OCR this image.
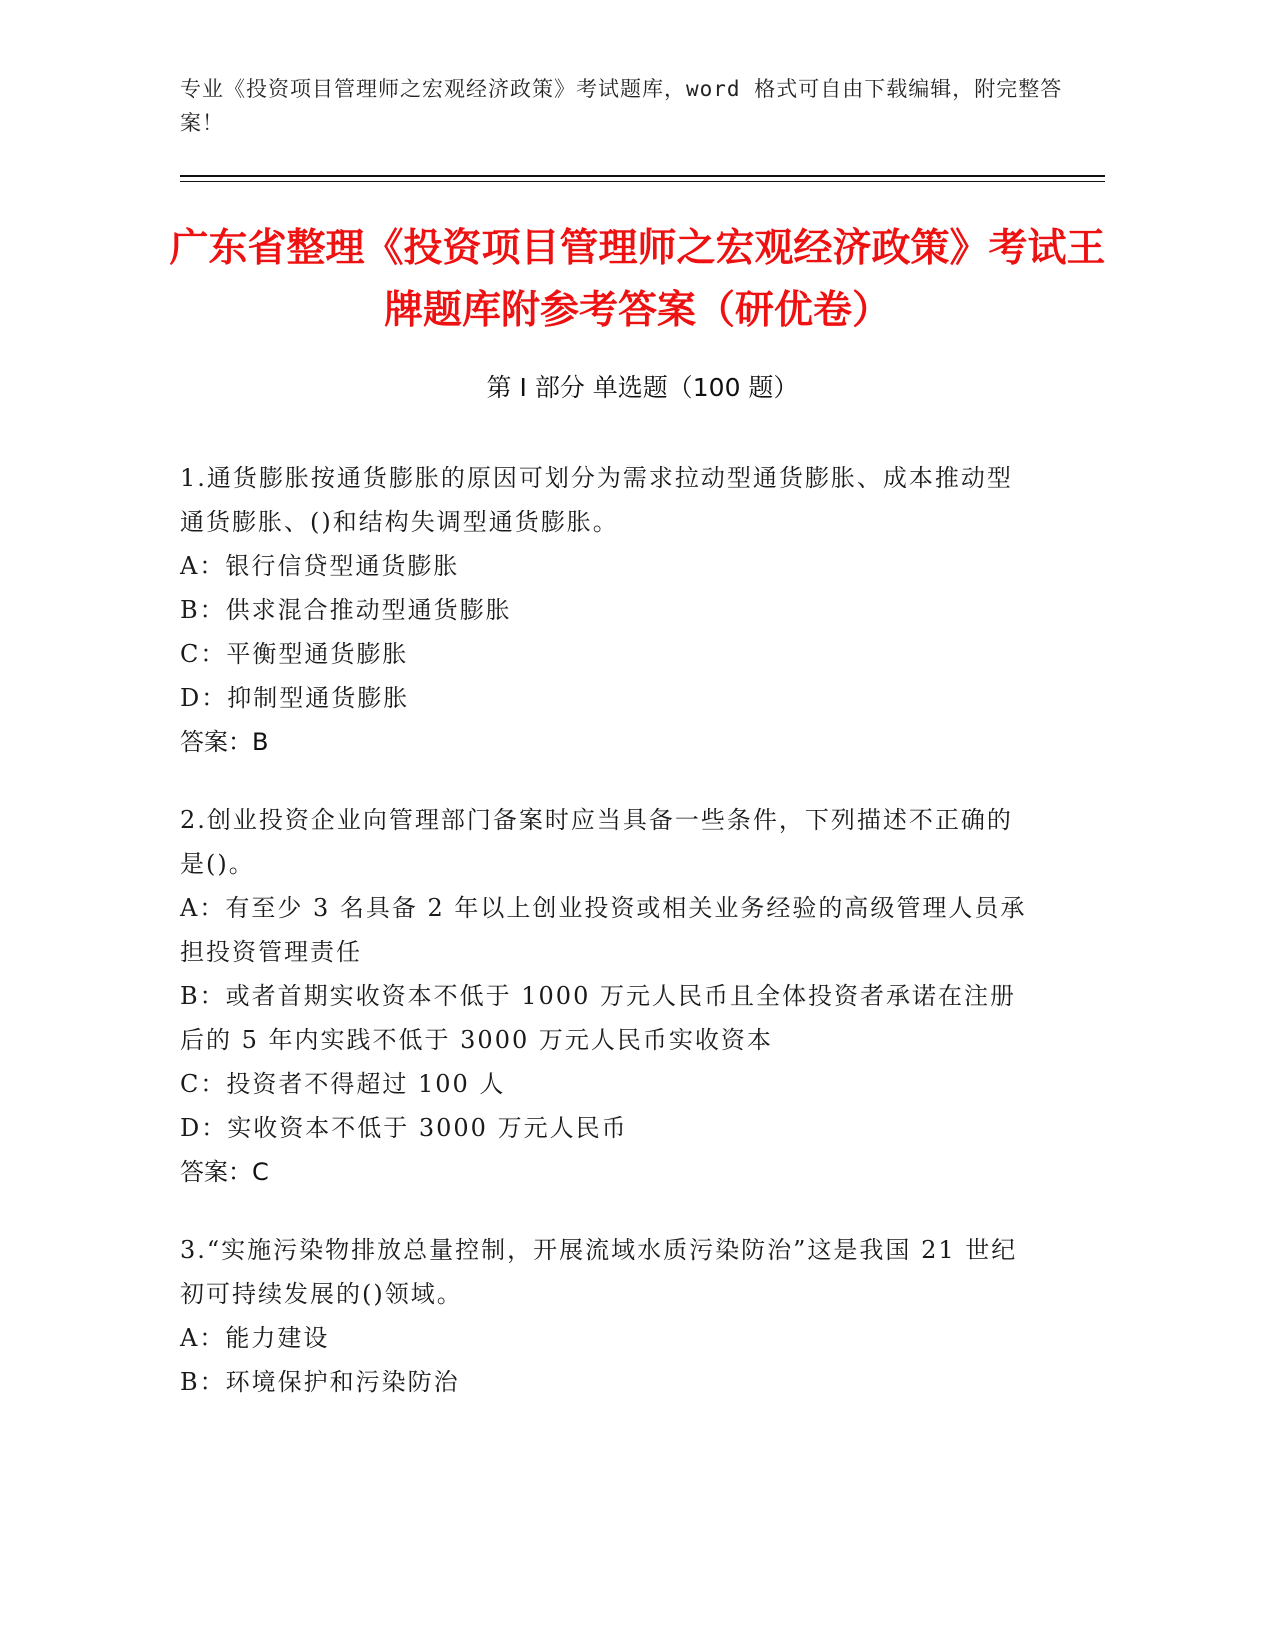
专业《投资项目管理师之宏观经济政策》考试题库，word 格式可自由下载编辑，附完整答案！
广东省整理《投资项目管理师之宏观经济政策》考试王牌题库附参考答案（研优卷）
第 I 部分 单选题（100 题）
1.通货膨胀按通货膨胀的原因可划分为需求拉动型通货膨胀、成本推动型通货膨胀、()和结构失调型通货膨胀。
A：银行信贷型通货膨胀
B：供求混合推动型通货膨胀
C：平衡型通货膨胀
D：抑制型通货膨胀
答案：B
2.创业投资企业向管理部门备案时应当具备一些条件，下列描述不正确的是()。
A：有至少 3 名具备 2 年以上创业投资或相关业务经验的高级管理人员承担投资管理责任
B：或者首期实收资本不低于 1000 万元人民币且全体投资者承诺在注册后的 5 年内实践不低于 3000 万元人民币实收资本
C：投资者不得超过 100 人
D：实收资本不低于 3000 万元人民币
答案：C
3.“实施污染物排放总量控制，开展流域水质污染防治”这是我国 21 世纪初可持续发展的()领域。
A：能力建设
B：环境保护和污染防治
